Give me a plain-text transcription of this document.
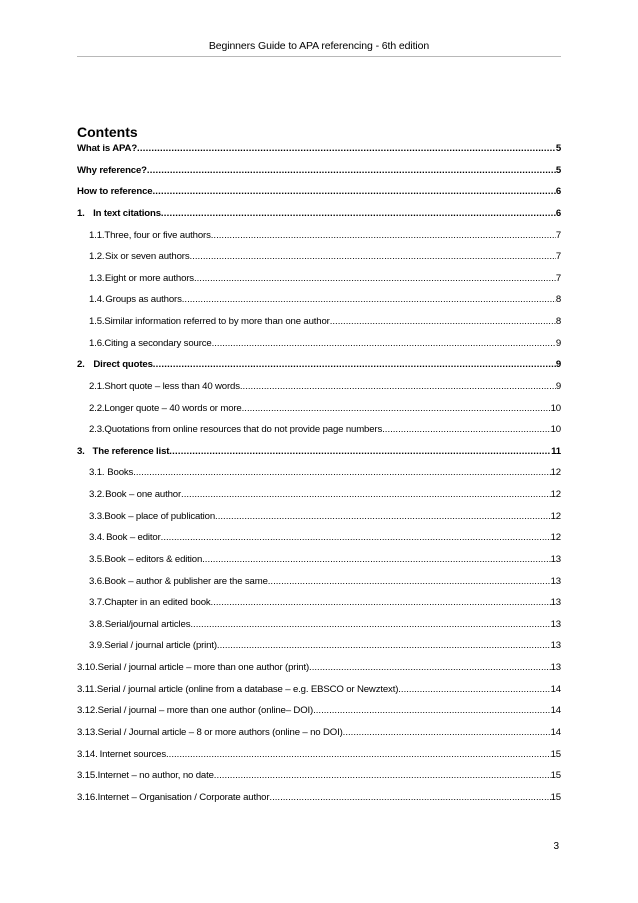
Beginners Guide to APA referencing - 6th edition
Contents
What is APA? .....	5
Why reference? .....	5
How to reference .....	6
1. In text citations .....	6
1.1. Three, four or five authors .....	7
1.2. Six or seven authors .....	7
1.3. Eight or more authors .....	7
1.4. Groups as authors .....	8
1.5. Similar information referred to by more than one author .....	8
1.6. Citing a secondary source .....	9
2. Direct quotes .....	9
2.1. Short quote – less than 40 words .....	9
2.2. Longer quote – 40 words or more .....	10
2.3. Quotations from online resources that do not provide page numbers .....	10
3. The reference list .....	11
3.1. Books .....	12
3.2. Book – one author .....	12
3.3. Book – place of publication .....	12
3.4. Book – editor .....	12
3.5. Book – editors & edition .....	13
3.6. Book – author & publisher are the same .....	13
3.7. Chapter in an edited book .....	13
3.8. Serial/journal articles .....	13
3.9. Serial / journal article (print) .....	13
3.10. Serial / journal article – more than one author (print) .....	13
3.11. Serial / journal article (online from a database – e.g. EBSCO or Newztext) .....	14
3.12. Serial / journal – more than one author (online– DOI) .....	14
3.13. Serial / Journal article – 8 or more authors (online – no DOI) .....	14
3.14. Internet sources .....	15
3.15. Internet – no author, no date .....	15
3.16. Internet – Organisation / Corporate author .....	15
3
